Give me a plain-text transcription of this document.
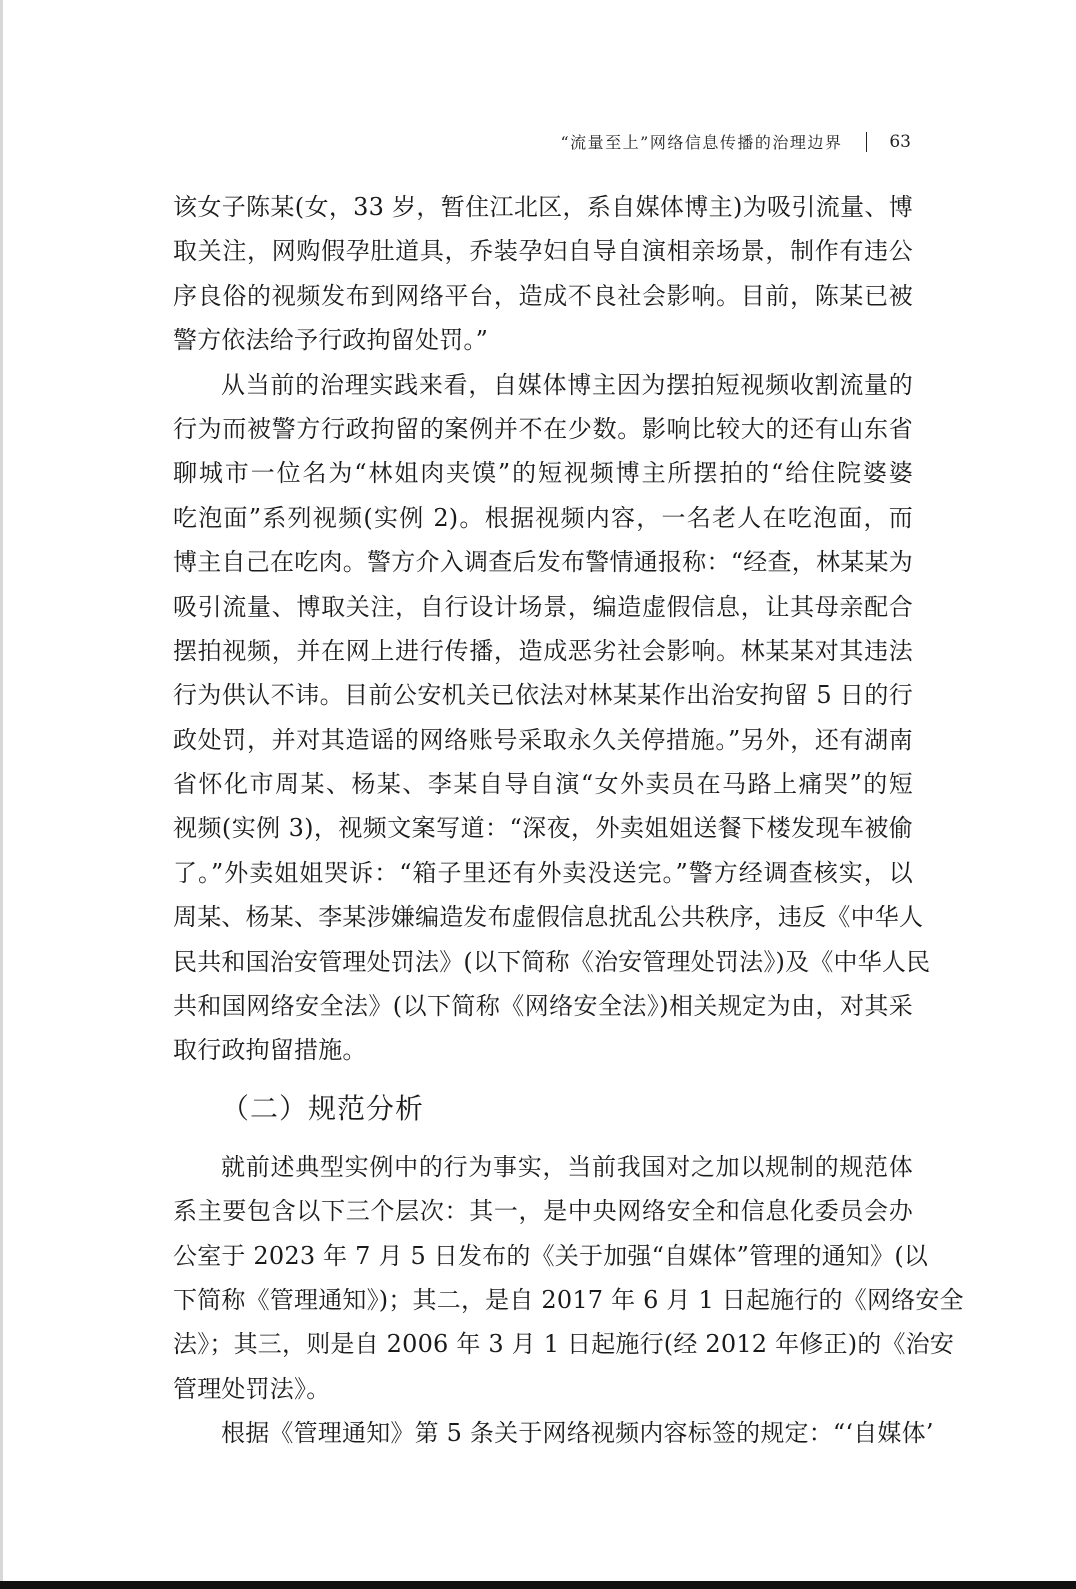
“流量至上”网络信息传播的治理边界	63
该女子陈某(女，33 岁，暂住江北区，系自媒体博主)为吸引流量、博
取关注，网购假孕肚道具，乔装孕妇自导自演相亲场景，制作有违公
序良俗的视频发布到网络平台，造成不良社会影响。目前，陈某已被
警方依法给予行政拘留处罚。”
从当前的治理实践来看，自媒体博主因为摆拍短视频收割流量的
行为而被警方行政拘留的案例并不在少数。影响比较大的还有山东省
聊城市一位名为“林姐肉夹馍”的短视频博主所摆拍的“给住院婆婆
吃泡面”系列视频(实例 2)。根据视频内容，一名老人在吃泡面，而
博主自己在吃肉。警方介入调查后发布警情通报称：“经查，林某某为
吸引流量、博取关注，自行设计场景，编造虚假信息，让其母亲配合
摆拍视频，并在网上进行传播，造成恶劣社会影响。林某某对其违法
行为供认不讳。目前公安机关已依法对林某某作出治安拘留 5 日的行
政处罚，并对其造谣的网络账号采取永久关停措施。”另外，还有湖南
省怀化市周某、杨某、李某自导自演“女外卖员在马路上痛哭”的短
视频(实例 3)，视频文案写道：“深夜，外卖姐姐送餐下楼发现车被偷
了。”外卖姐姐哭诉：“箱子里还有外卖没送完。”警方经调查核实，以
周某、杨某、李某涉嫌编造发布虚假信息扰乱公共秩序，违反《中华人
民共和国治安管理处罚法》(以下简称《治安管理处罚法》)及《中华人民
共和国网络安全法》(以下简称《网络安全法》)相关规定为由，对其采
取行政拘留措施。
（二）规范分析
就前述典型实例中的行为事实，当前我国对之加以规制的规范体
系主要包含以下三个层次：其一，是中央网络安全和信息化委员会办
公室于 2023 年 7 月 5 日发布的《关于加强“自媒体”管理的通知》(以
下简称《管理通知》)；其二，是自 2017 年 6 月 1 日起施行的《网络安全
法》；其三，则是自 2006 年 3 月 1 日起施行(经 2012 年修正)的《治安
管理处罚法》。
根据《管理通知》第 5 条关于网络视频内容标签的规定：“‘自媒体’
